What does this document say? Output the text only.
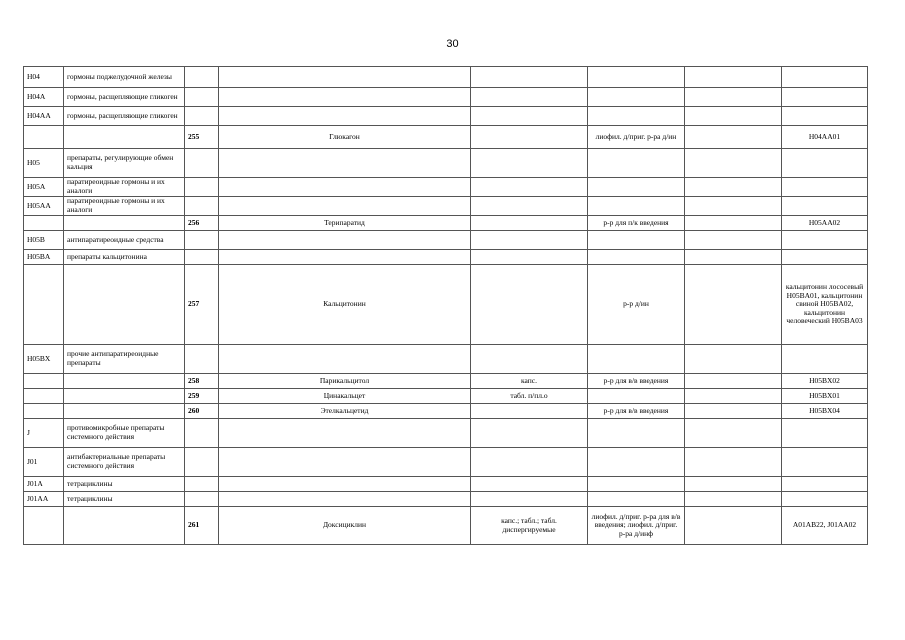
30
H04	гормоны поджелудочной железы						
H04A	гормоны, расщепляющие гликоген						
H04AA	гормоны, расщепляющие гликоген						
		255	Глюкагон		лиофил. д/приг. р-ра д/ин		H04AA01
H05	препараты, регулирующие обмен кальция						
H05A	паратиреоидные гормоны и их аналоги						
H05AA	паратиреоидные гормоны и их аналоги						
		256	Терипаратид		р-р для п/к введения		H05AA02
H05B	антипаратиреоидные средства						
H05BA	препараты кальцитонина						
		257	Кальцитонин		р-р д/ин		кальцитонин лососевый H05BA01, кальцитонин свиной H05BA02, кальцитонин человеческий H05BA03
H05BX	прочие антипаратиреоидные препараты						
		258	Парикальцитол	капс.	р-р для в/в введения		H05BX02
		259	Цинакальцет	табл. п/пл.о			H05BX01
		260	Этелкальцетид		р-р для в/в введения		H05BX04
J	противомикробные препараты системного действия						
J01	антибактериальные препараты системного действия						
J01A	тетрациклины						
J01AA	тетрациклины						
		261	Доксициклин	капс.; табл.; табл. диспергируемые	лиофил. д/приг. р-ра для в/в введения; лиофил. д/приг. р-ра д/инф		A01AB22, J01AA02
